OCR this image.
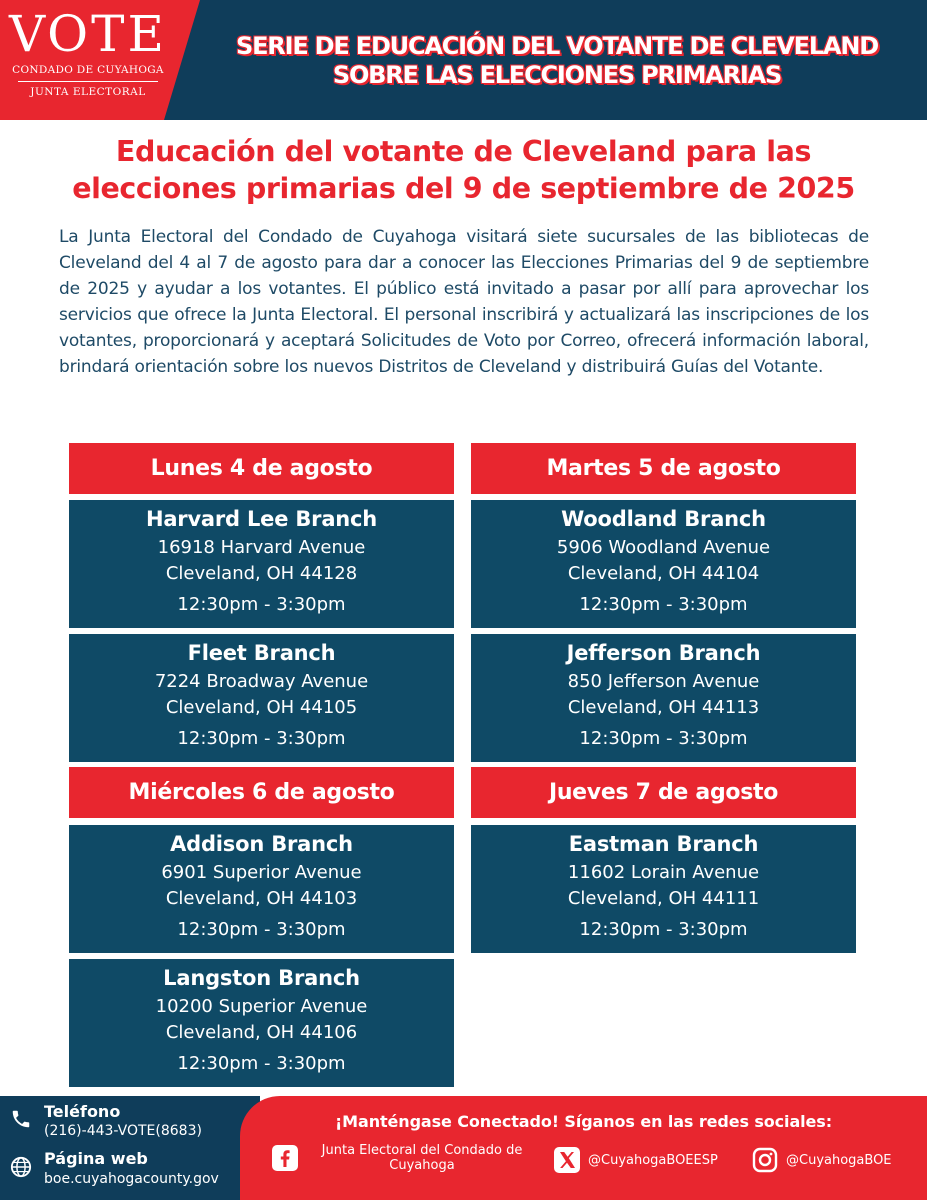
VOTE
CONDADO DE CUYAHOGA
JUNTA ELECTORAL
SERIE DE EDUCACIÓN DEL VOTANTE DE CLEVELAND
SOBRE LAS ELECCIONES PRIMARIAS
Educación del votante de Cleveland para las
elecciones primarias del 9 de septiembre de 2025
La Junta Electoral del Condado de Cuyahoga visitará siete sucursales de las bibliotecas de Cleveland del 4 al 7 de agosto para dar a conocer las Elecciones Primarias del 9 de septiembre de 2025 y ayudar a los votantes. El público está invitado a pasar por allí para aprovechar los servicios que ofrece la Junta Electoral. El personal inscribirá y actualizará las inscripciones de los votantes, proporcionará y aceptará Solicitudes de Voto por Correo, ofrecerá información laboral, brindará orientación sobre los nuevos Distritos de Cleveland y distribuirá Guías del Votante.
Lunes 4 de agosto
Harvard Lee Branch
16918 Harvard Avenue
Cleveland, OH 44128
12:30pm - 3:30pm
Fleet Branch
7224 Broadway Avenue
Cleveland, OH 44105
12:30pm - 3:30pm
Martes 5 de agosto
Woodland Branch
5906 Woodland Avenue
Cleveland, OH 44104
12:30pm - 3:30pm
Jefferson Branch
850 Jefferson Avenue
Cleveland, OH 44113
12:30pm - 3:30pm
Miércoles 6 de agosto
Addison Branch
6901 Superior Avenue
Cleveland, OH 44103
12:30pm - 3:30pm
Langston Branch
10200 Superior Avenue
Cleveland, OH 44106
12:30pm - 3:30pm
Jueves 7 de agosto
Eastman Branch
11602 Lorain Avenue
Cleveland, OH 44111
12:30pm - 3:30pm
Teléfono
(216)-443-VOTE(8683)
Página web
boe.cuyahogacounty.gov
¡Manténgase Conectado! Síganos en las redes sociales:
Junta Electoral del Condado de Cuyahoga	@CuyahogaBOEESP	@CuyahogaBOE
